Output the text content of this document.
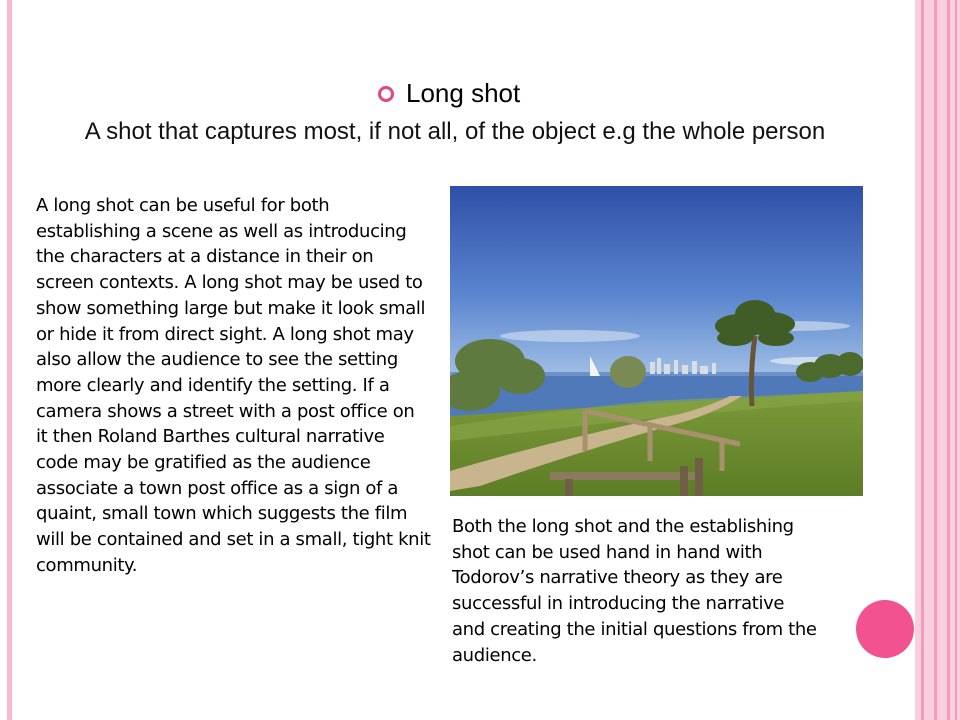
Long shot
A shot that captures most, if not all, of the object e.g the whole person
A long shot can be useful for both establishing a scene as well as introducing the characters at a distance in their on screen contexts. A long shot may be used to show something large but make it look small or hide it from direct sight. A long shot may also allow the audience to see the setting more clearly and identify the setting. If a camera shows a street with a post office on it then Roland Barthes cultural narrative code may be gratified as the audience associate a town post office as a sign of a quaint, small town which suggests the film will be contained and set in a small, tight knit community.
Both the long shot and the establishing shot can be used hand in hand with Todorov’s narrative theory as they are successful in introducing the narrative and creating the initial questions from the audience.
